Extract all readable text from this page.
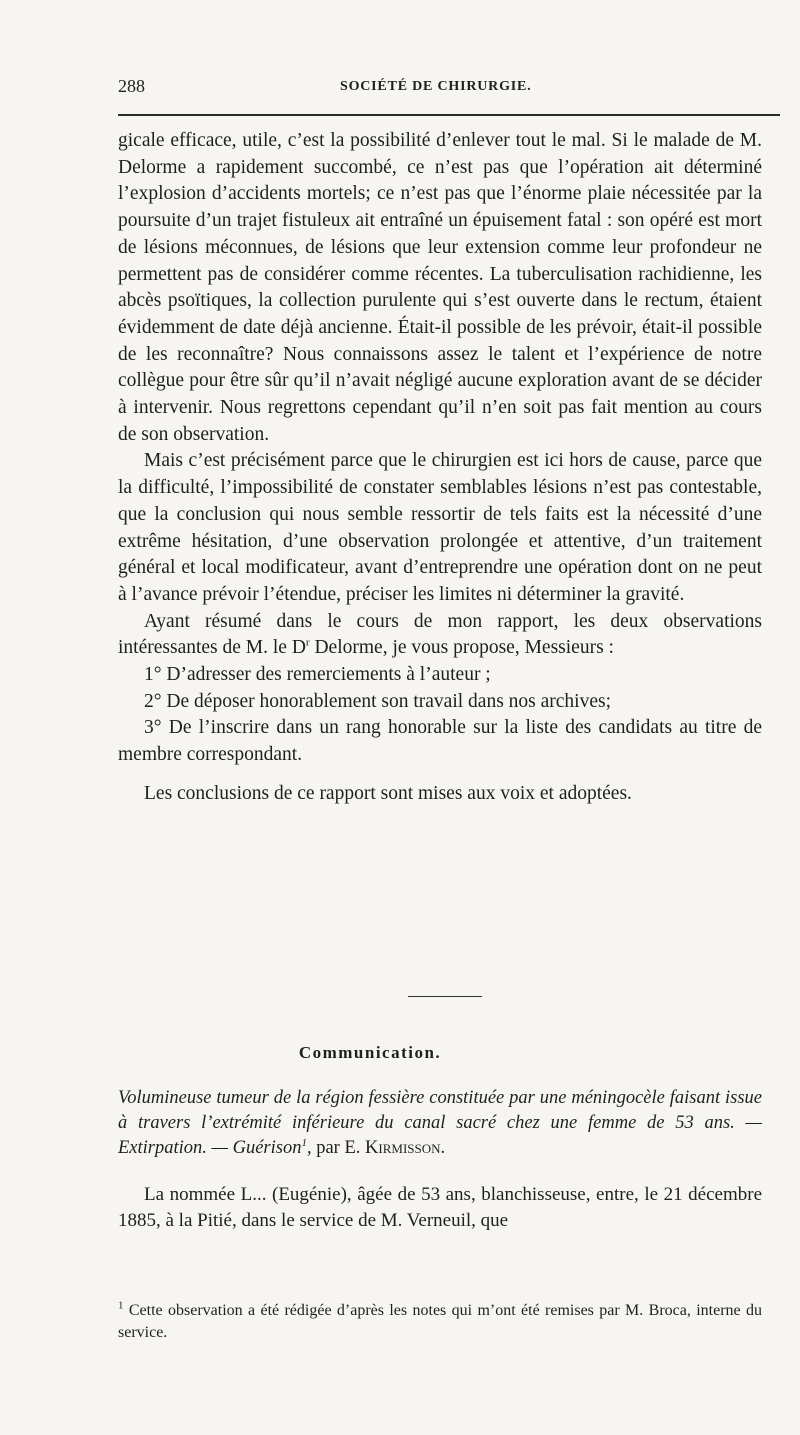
288	SOCIÉTÉ DE CHIRURGIE.

gicale efficace, utile, c’est la possibilité d’enlever tout le mal. Si le malade de M. Delorme a rapidement succombé, ce n’est pas que l’opération ait déterminé l’explosion d’accidents mortels; ce n’est pas que l’énorme plaie nécessitée par la poursuite d’un trajet fistuleux ait entraîné un épuisement fatal : son opéré est mort de lésions méconnues, de lésions que leur extension comme leur profondeur ne permettent pas de considérer comme récentes. La tuberculisation rachidienne, les abcès psoïtiques, la collection purulente qui s’est ouverte dans le rectum, étaient évidemment de date déjà ancienne. Était-il possible de les prévoir, était-il possible de les reconnaître? Nous connaissons assez le talent et l’expérience de notre collègue pour être sûr qu’il n’avait négligé aucune exploration avant de se décider à intervenir. Nous regrettons cependant qu’il n’en soit pas fait mention au cours de son observation.

Mais c’est précisément parce que le chirurgien est ici hors de cause, parce que la difficulté, l’impossibilité de constater semblables lésions n’est pas contestable, que la conclusion qui nous semble ressortir de tels faits est la nécessité d’une extrême hésitation, d’une observation prolongée et attentive, d’un traitement général et local modificateur, avant d’entreprendre une opération dont on ne peut à l’avance prévoir l’étendue, préciser les limites ni déterminer la gravité.

Ayant résumé dans le cours de mon rapport, les deux observations intéressantes de M. le $D^r$ Delorme, je vous propose, Messieurs :

1° D’adresser des remerciements à l’auteur ;

2° De déposer honorablement son travail dans nos archives;

3° De l’inscrire dans un rang honorable sur la liste des candidats au titre de membre correspondant.

Les conclusions de ce rapport sont mises aux voix et adoptées.

Communication.
Volumineuse tumeur de la région fessière constituée par une méningocèle faisant issue à travers l’extrémité inférieure du canal sacré chez une femme de 53 ans. — Extirpation. — Guérison$^1$, par E. Kirmisson.

La nommée L... (Eugénie), âgée de 53 ans, blanchisseuse, entre, le 21 décembre 1885, à la Pitié, dans le service de M. Verneuil, que

$^1$ Cette observation a été rédigée d’après les notes qui m’ont été remises par M. Broca, interne du service.
